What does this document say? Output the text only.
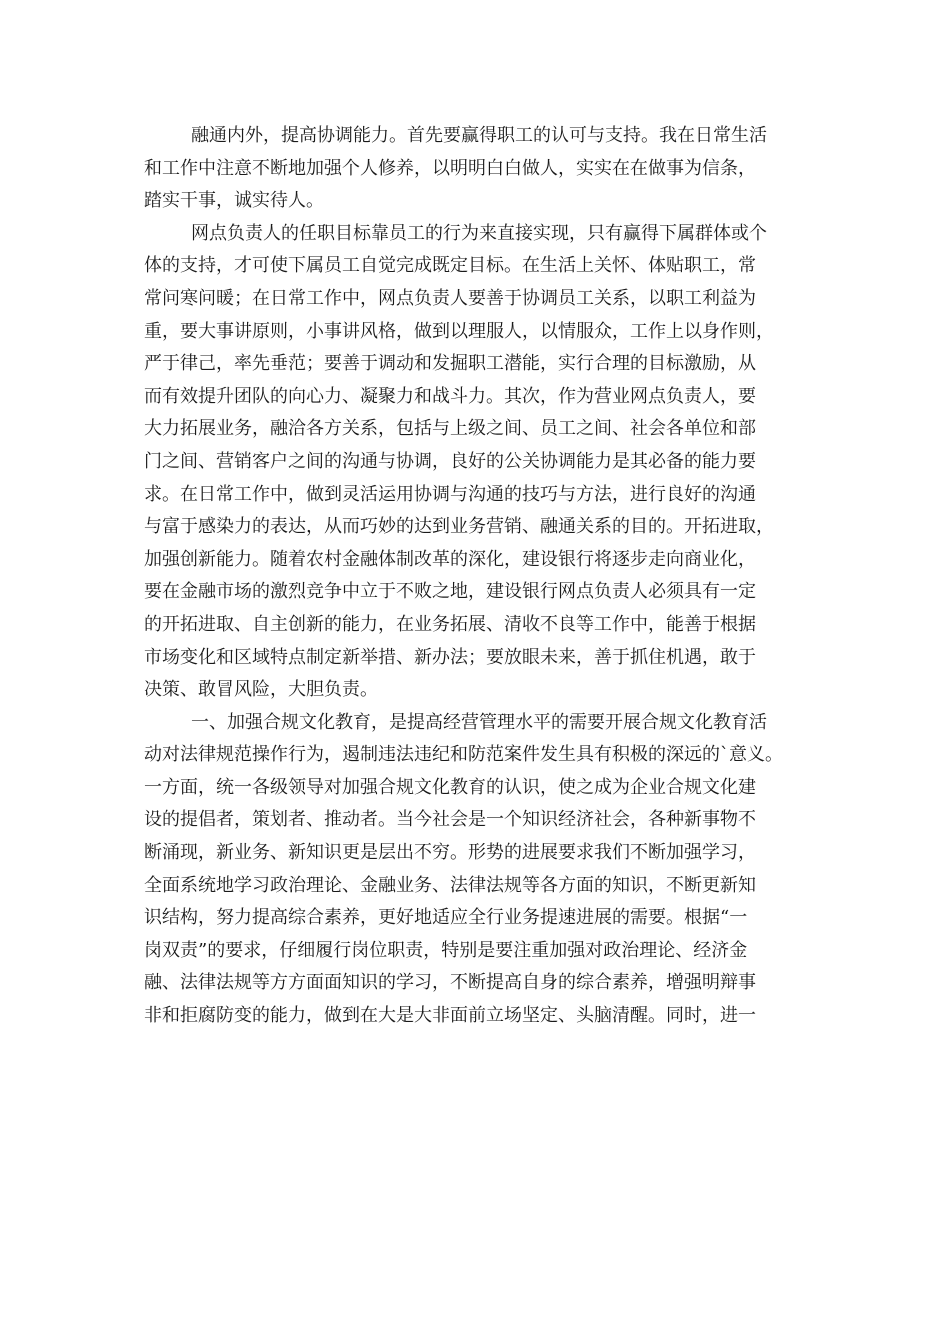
融通内外，提高协调能力。首先要赢得职工的认可与支持。我在日常生活
和工作中注意不断地加强个人修养，以明明白白做人，实实在在做事为信条，
踏实干事，诚实待人。
网点负责人的任职目标靠员工的行为来直接实现，只有赢得下属群体或个
体的支持，才可使下属员工自觉完成既定目标。在生活上关怀、体贴职工，常
常问寒问暖；在日常工作中，网点负责人要善于协调员工关系，以职工利益为
重，要大事讲原则，小事讲风格，做到以理服人，以情服众，工作上以身作则，
严于律己，率先垂范；要善于调动和发掘职工潜能，实行合理的目标激励，从
而有效提升团队的向心力、凝聚力和战斗力。其次，作为营业网点负责人，要
大力拓展业务，融洽各方关系，包括与上级之间、员工之间、社会各单位和部
门之间、营销客户之间的沟通与协调，良好的公关协调能力是其必备的能力要
求。在日常工作中，做到灵活运用协调与沟通的技巧与方法，进行良好的沟通
与富于感染力的表达，从而巧妙的达到业务营销、融通关系的目的。开拓进取，
加强创新能力。随着农村金融体制改革的深化，建设银行将逐步走向商业化，
要在金融市场的激烈竞争中立于不败之地，建设银行网点负责人必须具有一定
的开拓进取、自主创新的能力，在业务拓展、清收不良等工作中，能善于根据
市场变化和区域特点制定新举措、新办法；要放眼未来，善于抓住机遇，敢于
决策、敢冒风险，大胆负责。
一、加强合规文化教育，是提高经营管理水平的需要开展合规文化教育活
动对法律规范操作行为，遏制违法违纪和防范案件发生具有积极的深远的`意义。
一方面，统一各级领导对加强合规文化教育的认识，使之成为企业合规文化建
设的提倡者，策划者、推动者。当今社会是一个知识经济社会，各种新事物不
断涌现，新业务、新知识更是层出不穷。形势的进展要求我们不断加强学习，
全面系统地学习政治理论、金融业务、法律法规等各方面的知识，不断更新知
识结构，努力提高综合素养，更好地适应全行业务提速进展的需要。根据“一
岗双责”的要求，仔细履行岗位职责，特别是要注重加强对政治理论、经济金
融、法律法规等方方面面知识的学习，不断提高自身的综合素养，增强明辩事
非和拒腐防变的能力，做到在大是大非面前立场坚定、头脑清醒。同时，进一
